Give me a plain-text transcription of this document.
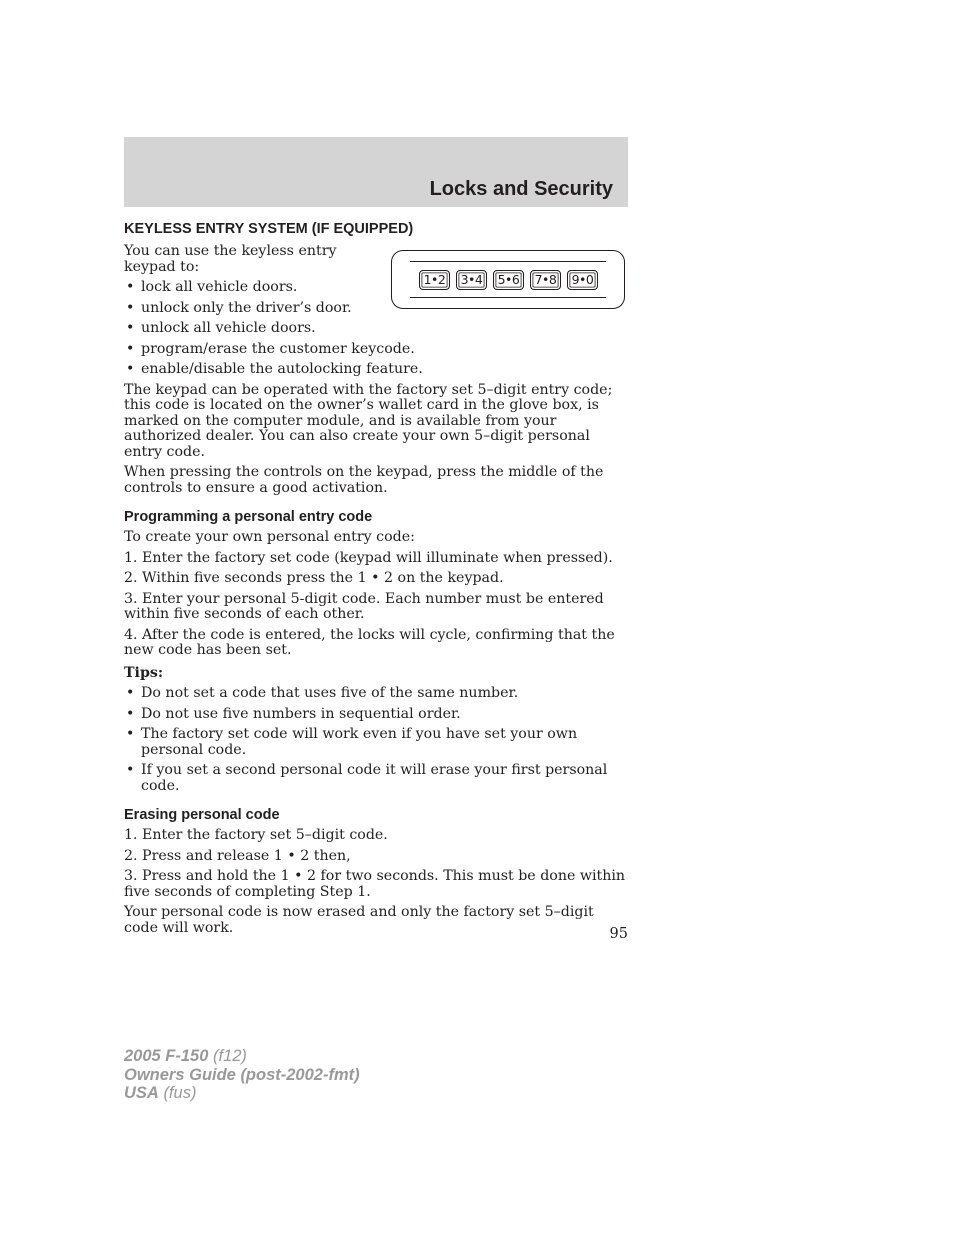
Locks and Security
1•2	3•4	5•6	7•8	9•0
KEYLESS ENTRY SYSTEM (IF EQUIPPED)

You can use the keyless entry keypad to:

• lock all vehicle doors.
• unlock only the driver’s door.
• unlock all vehicle doors.
• program/erase the customer keycode.
• enable/disable the autolocking feature.

The keypad can be operated with the factory set 5–digit entry code; this code is located on the owner’s wallet card in the glove box, is marked on the computer module, and is available from your authorized dealer. You can also create your own 5–digit personal entry code.

When pressing the controls on the keypad, press the middle of the controls to ensure a good activation.

Programming a personal entry code

To create your own personal entry code:

1. Enter the factory set code (keypad will illuminate when pressed).
2. Within five seconds press the 1 • 2 on the keypad.
3. Enter your personal 5-digit code. Each number must be entered within five seconds of each other.
4. After the code is entered, the locks will cycle, confirming that the new code has been set.
Tips:
• Do not set a code that uses five of the same number.
• Do not use five numbers in sequential order.
• The factory set code will work even if you have set your own personal code.
• If you set a second personal code it will erase your first personal code.
Erasing personal code
1. Enter the factory set 5–digit code.
2. Press and release 1 • 2 then,
3. Press and hold the 1 • 2 for two seconds. This must be done within five seconds of completing Step 1.

Your personal code is now erased and only the factory set 5–digit code will work.	95
2005 F-150 (f12)
Owners Guide (post-2002-fmt)
USA (fus)
